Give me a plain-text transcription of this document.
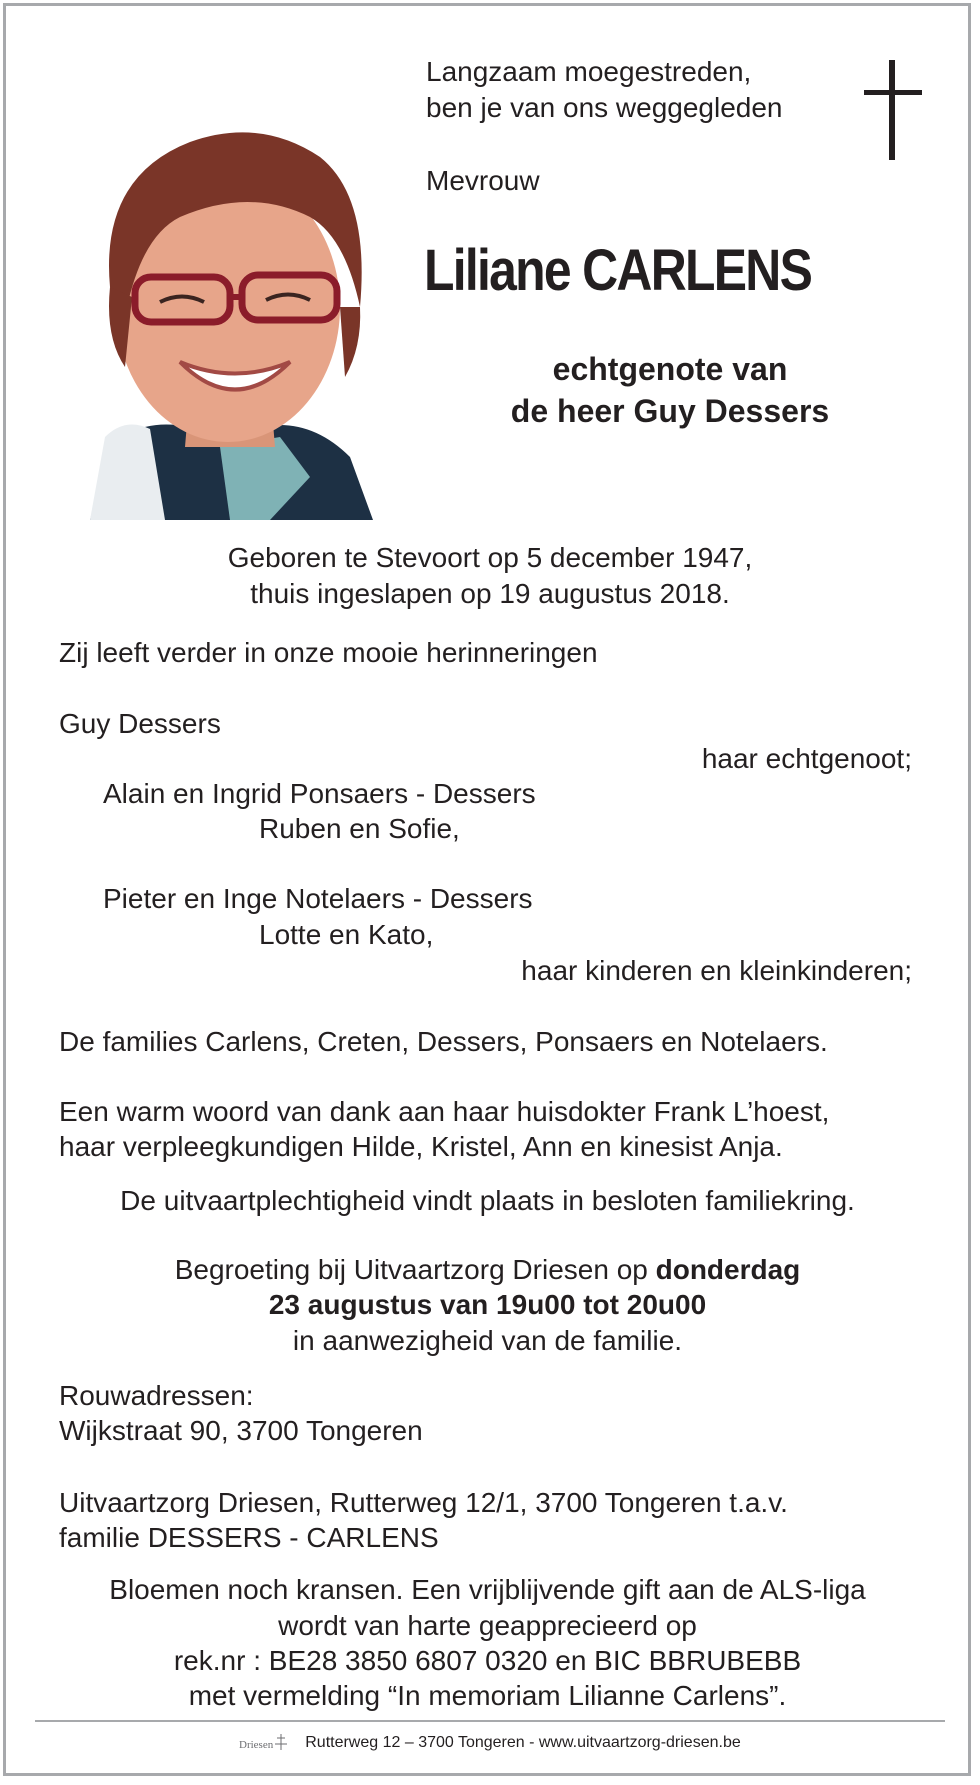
Langzaam moegestreden,
ben je van ons weggegleden
Mevrouw
Liliane CARLENS
echtgenote van
de heer Guy Dessers
Geboren te Stevoort op 5 december 1947,
thuis ingeslapen op 19 augustus 2018.
Zij leeft verder in onze mooie herinneringen
Guy Dessers
haar echtgenoot;
Alain en Ingrid Ponsaers - Dessers
Ruben en Sofie,
Pieter en Inge Notelaers - Dessers
Lotte en Kato,
haar kinderen en kleinkinderen;
De families Carlens, Creten, Dessers, Ponsaers en Notelaers.
Een warm woord van dank aan haar huisdokter Frank L’hoest,
haar verpleegkundigen Hilde, Kristel, Ann en kinesist Anja.
De uitvaartplechtigheid vindt plaats in besloten familiekring.
Begroeting bij Uitvaartzorg Driesen op donderdag
23 augustus van 19u00 tot 20u00
in aanwezigheid van de familie.
Rouwadressen:
Wijkstraat 90, 3700 Tongeren
Uitvaartzorg Driesen, Rutterweg 12/1, 3700 Tongeren t.a.v.
familie DESSERS - CARLENS
Bloemen noch kransen. Een vrijblijvende gift aan de ALS-liga
wordt van harte geapprecieerd op
rek.nr : BE28 3850 6807 0320 en BIC BBRUBEBB
met vermelding “In memoriam Lilianne Carlens”.
Driesen Rutterweg 12 – 3700 Tongeren - www.uitvaartzorg-driesen.be
